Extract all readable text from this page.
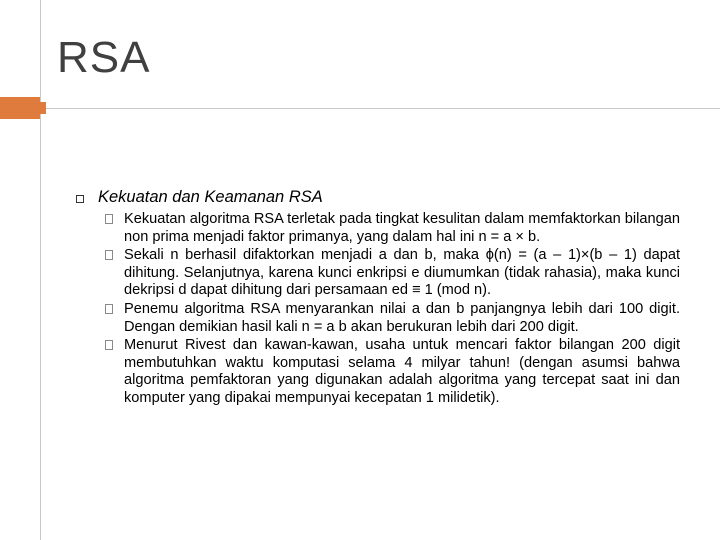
RSA
Kekuatan dan Keamanan RSA
Kekuatan algoritma RSA terletak pada tingkat kesulitan dalam memfaktorkan bilangan non prima menjadi faktor primanya, yang dalam hal ini n = a × b.
Sekali n berhasil difaktorkan menjadi a dan b, maka ϕ(n) = (a – 1)×(b – 1) dapat dihitung. Selanjutnya, karena kunci enkripsi e diumumkan (tidak rahasia), maka kunci dekripsi d dapat dihitung dari persamaan ed ≡ 1 (mod n).
Penemu algoritma RSA menyarankan nilai a dan b panjangnya lebih dari 100 digit. Dengan demikian hasil kali n = a b akan berukuran lebih dari 200 digit.
Menurut Rivest dan kawan-kawan, usaha untuk mencari faktor bilangan 200 digit membutuhkan waktu komputasi selama 4 milyar tahun! (dengan asumsi bahwa algoritma pemfaktoran yang digunakan adalah algoritma yang tercepat saat ini dan komputer yang dipakai mempunyai kecepatan 1 milidetik).
